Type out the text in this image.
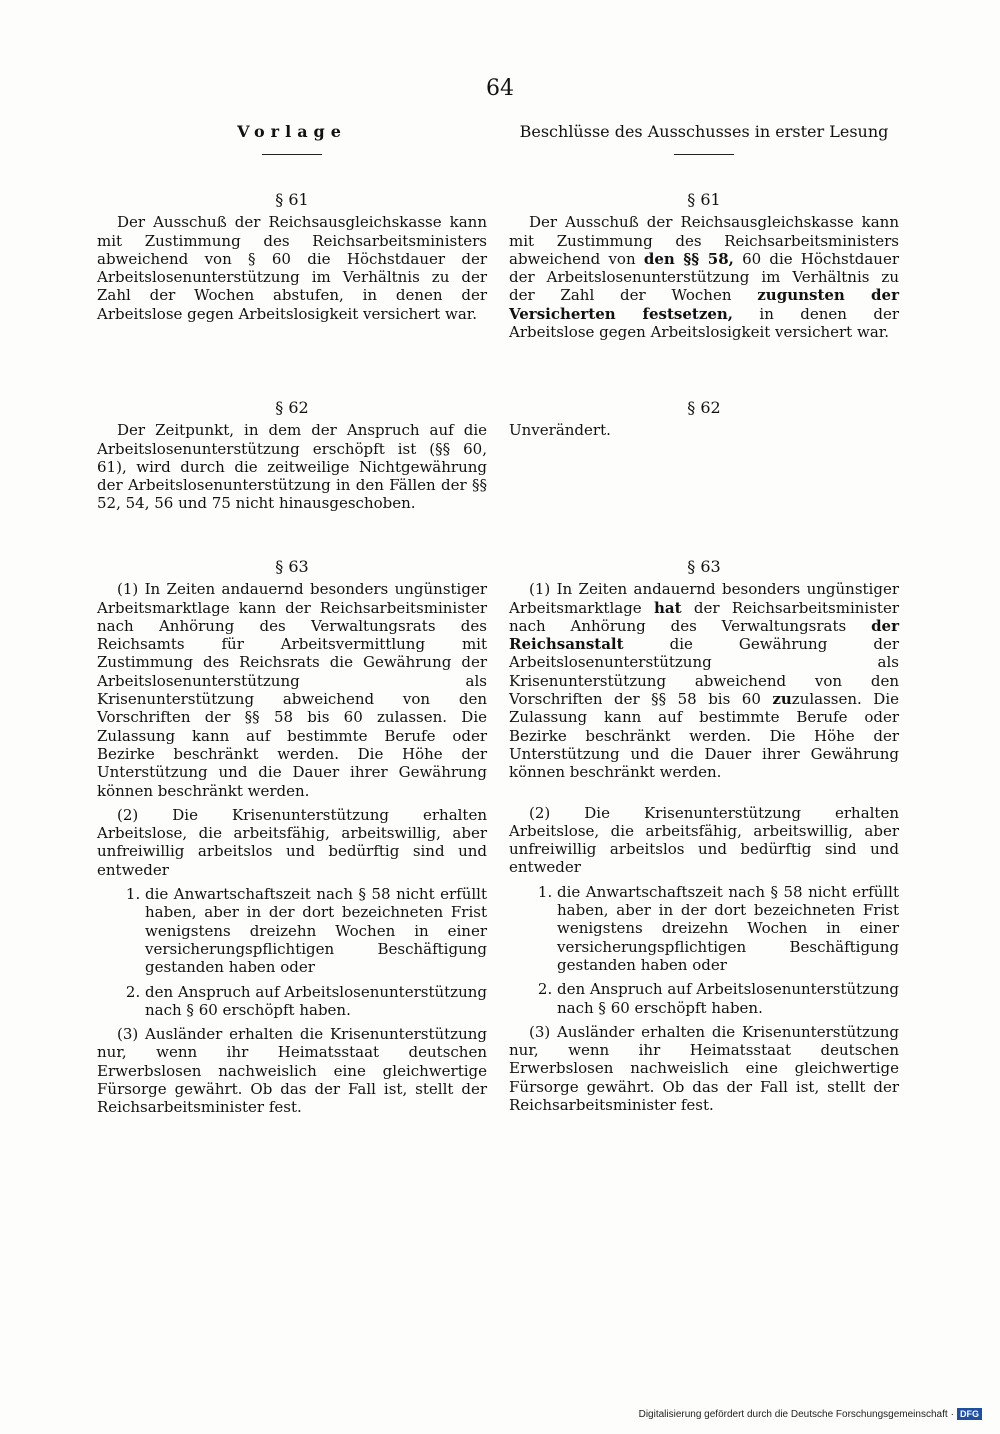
64
Vorlage
§ 61

Der Ausschuß der Reichsausgleichskasse kann mit Zustimmung des Reichsarbeitsministers abweichend von § 60 die Höchstdauer der Arbeitslosenunterstützung im Verhältnis zu der Zahl der Wochen abstufen, in denen der Arbeitslose gegen Arbeitslosigkeit versichert war.

§ 62

Der Zeitpunkt, in dem der Anspruch auf die Arbeitslosenunterstützung erschöpft ist (§§ 60, 61), wird durch die zeitweilige Nichtgewährung der Arbeitslosenunterstützung in den Fällen der §§ 52, 54, 56 und 75 nicht hinausgeschoben.

§ 63

(1) In Zeiten andauernd besonders ungünstiger Arbeitsmarktlage kann der Reichsarbeitsminister nach Anhörung des Verwaltungsrats des Reichsamts für Arbeitsvermittlung mit Zustimmung des Reichsrats die Gewährung der Arbeitslosenunterstützung als Krisenunterstützung abweichend von den Vorschriften der §§ 58 bis 60 zulassen. Die Zulassung kann auf bestimmte Berufe oder Bezirke beschränkt werden. Die Höhe der Unterstützung und die Dauer ihrer Gewährung können beschränkt werden.

(2) Die Krisenunterstützung erhalten Arbeitslose, die arbeitsfähig, arbeitswillig, aber unfreiwillig arbeitslos und bedürftig sind und entweder

1. die Anwartschaftszeit nach § 58 nicht erfüllt haben, aber in der dort bezeichneten Frist wenigstens dreizehn Wochen in einer versicherungspflichtigen Beschäftigung gestanden haben oder
2. den Anspruch auf Arbeitslosenunterstützung nach § 60 erschöpft haben.

(3) Ausländer erhalten die Krisenunterstützung nur, wenn ihr Heimatsstaat deutschen Erwerbslosen nachweislich eine gleichwertige Fürsorge gewährt. Ob das der Fall ist, stellt der Reichsarbeitsminister fest.

Beschlüsse des Ausschusses in erster Lesung
§ 61

Der Ausschuß der Reichsausgleichskasse kann mit Zustimmung des Reichsarbeitsministers abweichend von den §§ 58, 60 die Höchstdauer der Arbeitslosenunterstützung im Verhältnis zu der Zahl der Wochen zugunsten der Versicherten festsetzen, in denen der Arbeitslose gegen Arbeitslosigkeit versichert war.

§ 62

Unverändert.

§ 63

(1) In Zeiten andauernd besonders ungünstiger Arbeitsmarktlage hat der Reichsarbeitsminister nach Anhörung des Verwaltungsrats der Reichsanstalt die Gewährung der Arbeitslosenunterstützung als Krisenunterstützung abweichend von den Vorschriften der §§ 58 bis 60 zuzulassen. Die Zulassung kann auf bestimmte Berufe oder Bezirke beschränkt werden. Die Höhe der Unterstützung und die Dauer ihrer Gewährung können beschränkt werden.

(2) Die Krisenunterstützung erhalten Arbeitslose, die arbeitsfähig, arbeitswillig, aber unfreiwillig arbeitslos und bedürftig sind und entweder

1. die Anwartschaftszeit nach § 58 nicht erfüllt haben, aber in der dort bezeichneten Frist wenigstens dreizehn Wochen in einer versicherungspflichtigen Beschäftigung gestanden haben oder
2. den Anspruch auf Arbeitslosenunterstützung nach § 60 erschöpft haben.

(3) Ausländer erhalten die Krisenunterstützung nur, wenn ihr Heimatsstaat deutschen Erwerbslosen nachweislich eine gleichwertige Fürsorge gewährt. Ob das der Fall ist, stellt der Reichsarbeitsminister fest.

Digitalisierung gefördert durch die Deutsche Forschungsgemeinschaft · DFG
